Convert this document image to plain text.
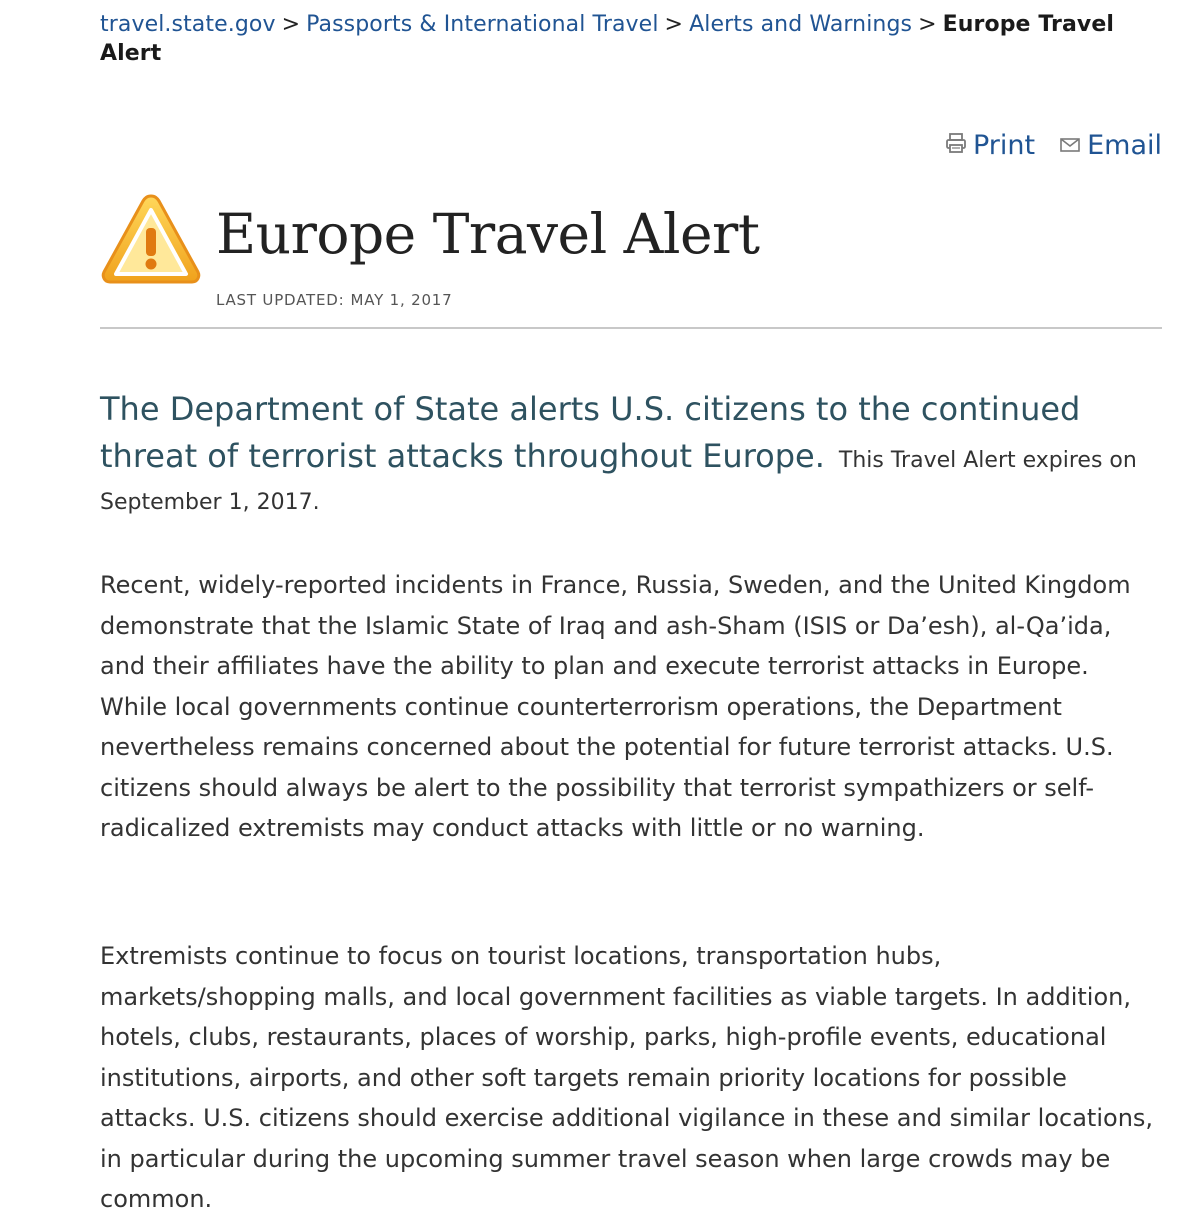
travel.state.gov > Passports & International Travel > Alerts and Warnings > Europe Travel Alert
Print Email
Europe Travel Alert
LAST UPDATED: MAY 1, 2017

The Department of State alerts U.S. citizens to the continued threat of terrorist attacks throughout Europe. This Travel Alert expires on September 1, 2017.

Recent, widely-reported incidents in France, Russia, Sweden, and the United Kingdom demonstrate that the Islamic State of Iraq and ash-Sham (ISIS or Da’esh), al-Qa’ida, and their affiliates have the ability to plan and execute terrorist attacks in Europe. While local governments continue counterterrorism operations, the Department nevertheless remains concerned about the potential for future terrorist attacks. U.S. citizens should always be alert to the possibility that terrorist sympathizers or self-radicalized extremists may conduct attacks with little or no warning.

Extremists continue to focus on tourist locations, transportation hubs, markets/shopping malls, and local government facilities as viable targets. In addition, hotels, clubs, restaurants, places of worship, parks, high-profile events, educational institutions, airports, and other soft targets remain priority locations for possible attacks. U.S. citizens should exercise additional vigilance in these and similar locations, in particular during the upcoming summer travel season when large crowds may be common.
